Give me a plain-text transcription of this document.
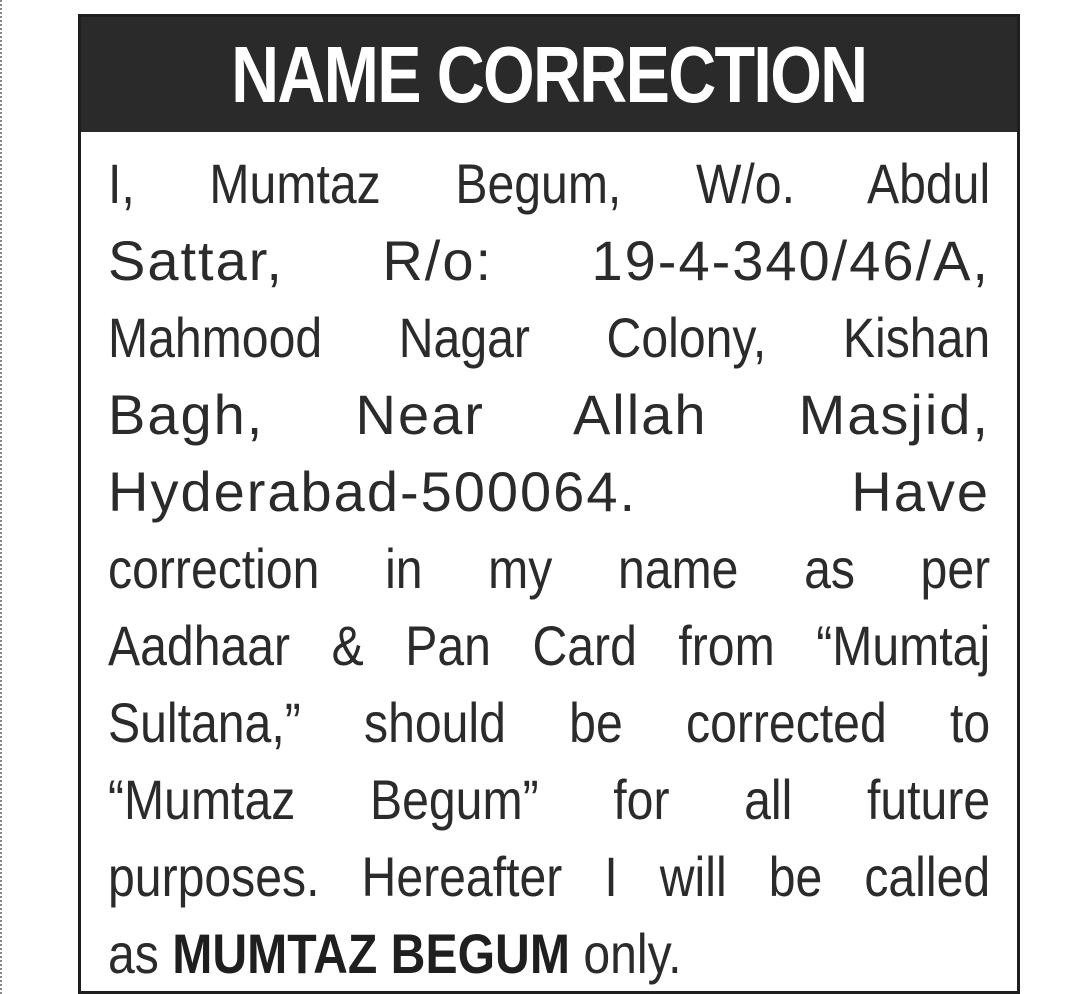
NAME CORRECTION
I, Mumtaz Begum, W/o. Abdul
Sattar, R/o: 19-4-340/46/A,
Mahmood Nagar Colony, Kishan
Bagh, Near Allah Masjid,
Hyderabad-500064. Have
correction in my name as per
Aadhaar & Pan Card from “Mumtaj
Sultana,” should be corrected to
“Mumtaz Begum” for all future
purposes. Hereafter I will be called
as MUMTAZ BEGUM only.
